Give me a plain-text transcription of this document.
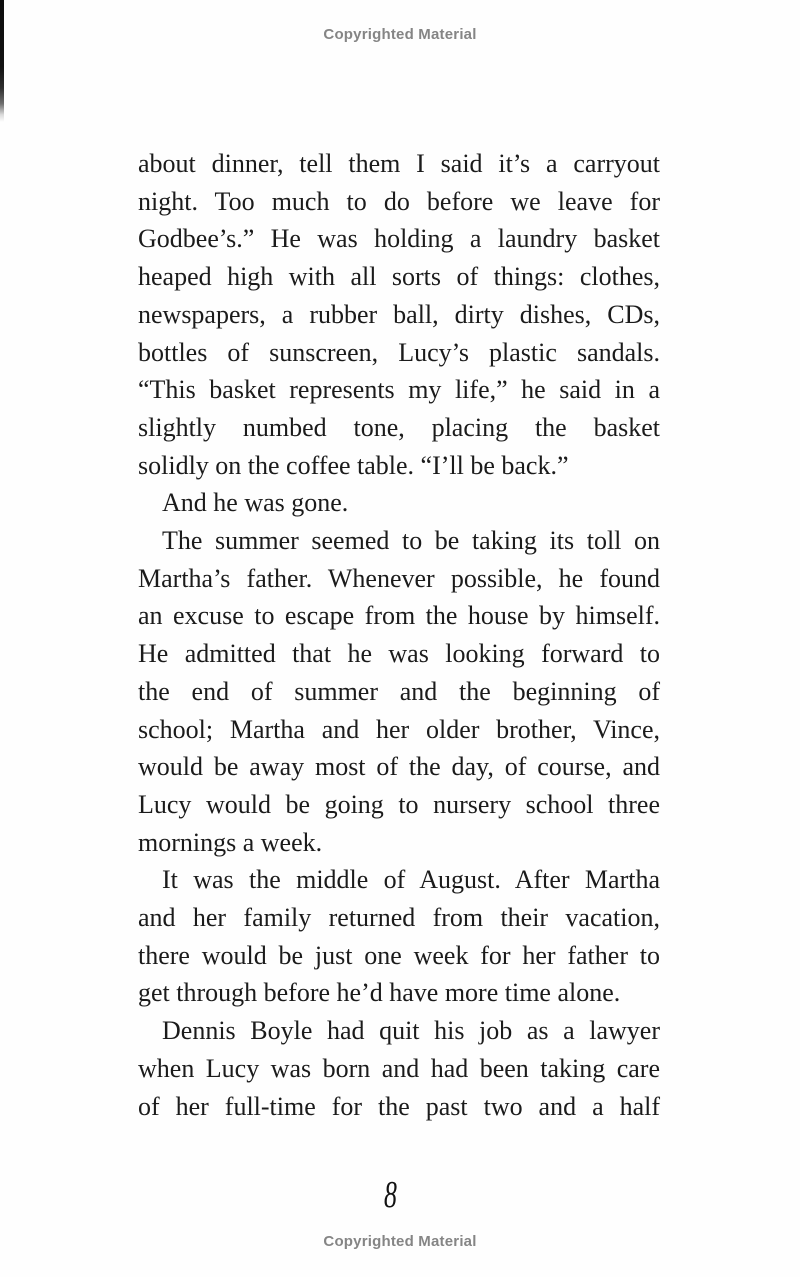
Copyrighted Material
about dinner, tell them I said it’s a carryout
night. Too much to do before we leave for
Godbee’s.” He was holding a laundry basket
heaped high with all sorts of things: clothes,
newspapers, a rubber ball, dirty dishes, CDs,
bottles of sunscreen, Lucy’s plastic sandals.
“This basket represents my life,” he said in a
slightly numbed tone, placing the basket
solidly on the coffee table. “I’ll be back.”
And he was gone.
The summer seemed to be taking its toll on
Martha’s father. Whenever possible, he found
an excuse to escape from the house by himself.
He admitted that he was looking forward to
the end of summer and the beginning of
school; Martha and her older brother, Vince,
would be away most of the day, of course, and
Lucy would be going to nursery school three
mornings a week.
It was the middle of August. After Martha
and her family returned from their vacation,
there would be just one week for her father to
get through before he’d have more time alone.
Dennis Boyle had quit his job as a lawyer
when Lucy was born and had been taking care
of her full-time for the past two and a half
8
Copyrighted Material
